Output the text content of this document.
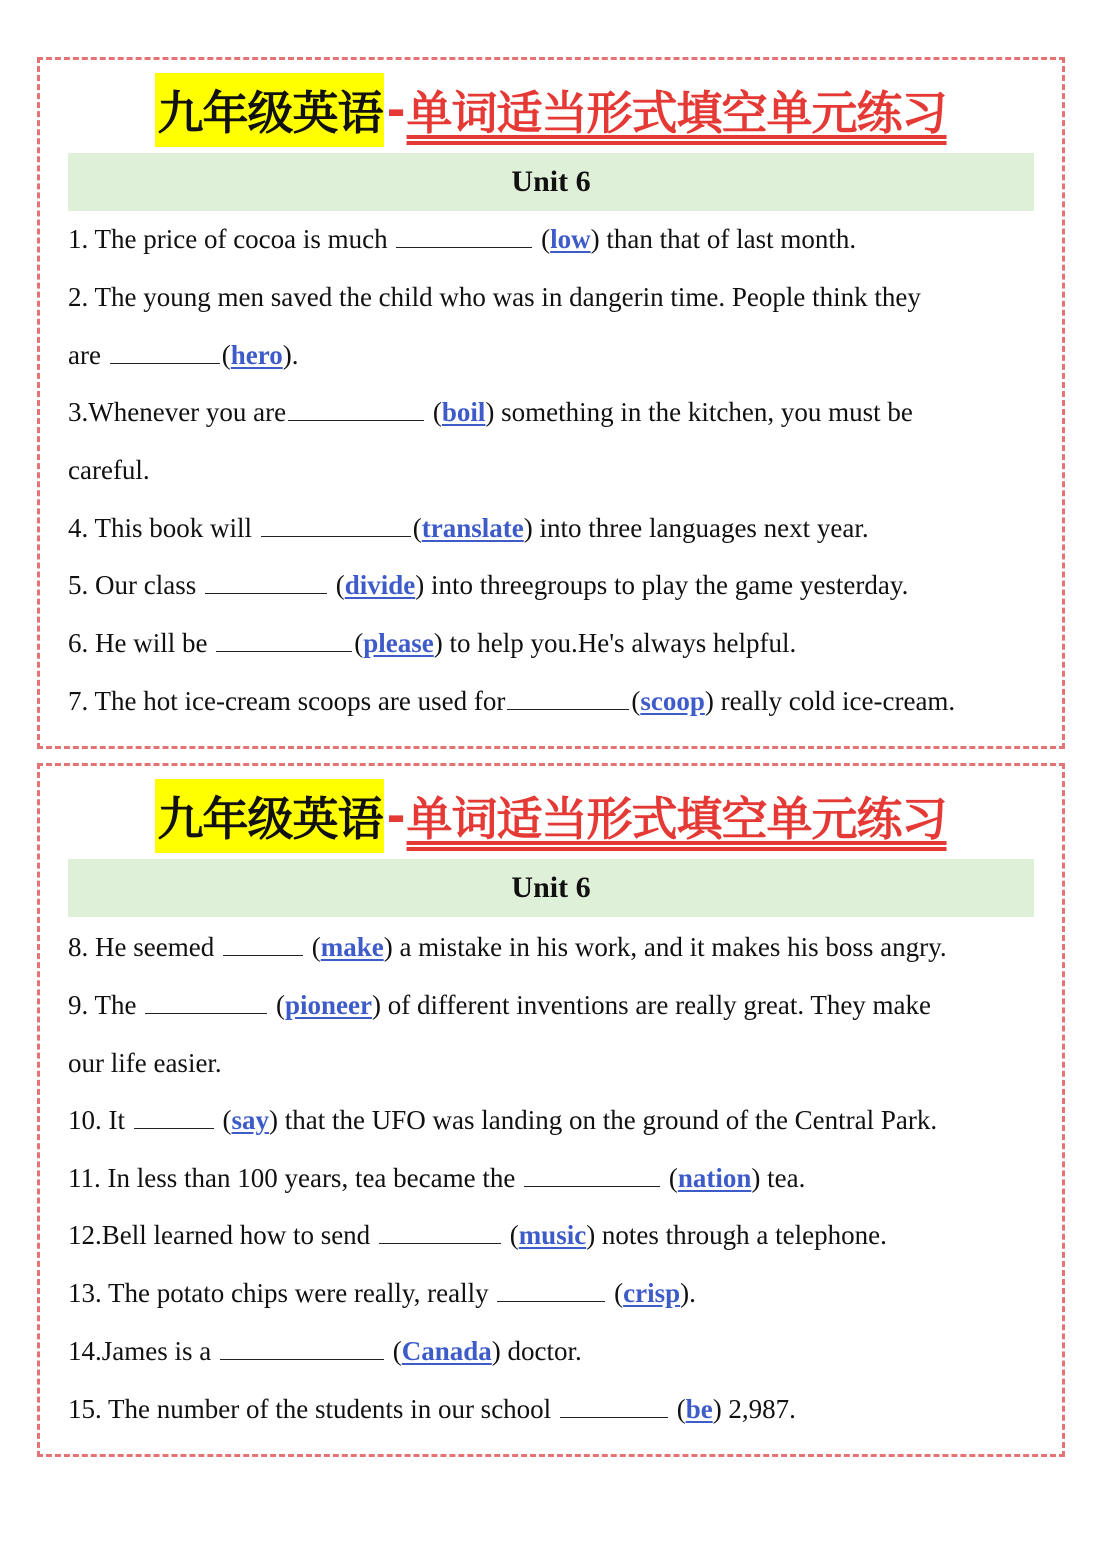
九年级英语 - 单词适当形式填空单元练习
Unit 6
1. The price of cocoa is much	(low) than that of last month.
2. The young men saved the child who was in dangerin time. People think they
are	(hero).
3.Whenever you are	(boil) something in the kitchen, you must be
careful.
4. This book will	(translate) into three languages next year.
5. Our class	(divide) into threegroups to play the game yesterday.
6. He will be	(please) to help you.He's always helpful.
7. The hot ice-cream scoops are used for	(scoop) really cold ice-cream.
九年级英语 - 单词适当形式填空单元练习
Unit 6
8. He seemed	(make) a mistake in his work, and it makes his boss angry.
9. The	(pioneer) of different inventions are really great. They make
our life easier.
10. It	(say) that the UFO was landing on the ground of the Central Park.
11. In less than 100 years, tea became the	(nation) tea.
12.Bell learned how to send	(music) notes through a telephone.
13. The potato chips were really, really	(crisp).
14.James is a	(Canada) doctor.
15. The number of the students in our school	(be) 2,987.
